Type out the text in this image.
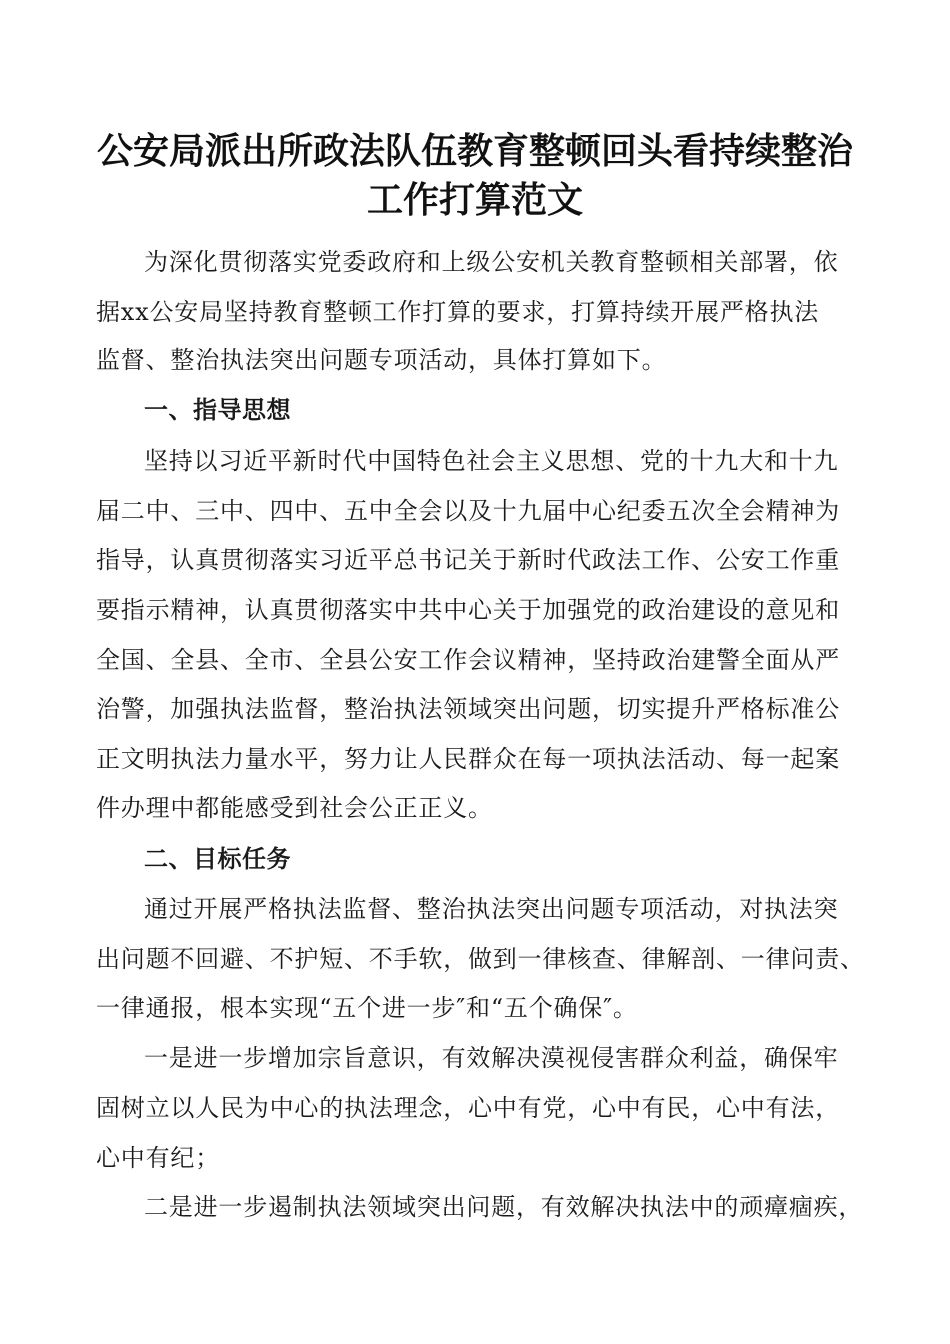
公安局派出所政法队伍教育整顿回头看持续整治
工作打算范文
为深化贯彻落实党委政府和上级公安机关教育整顿相关部署，依
据xx公安局坚持教育整顿工作打算的要求，打算持续开展严格执法
监督、整治执法突出问题专项活动，具体打算如下。
一、指导思想
坚持以习近平新时代中国特色社会主义思想、党的十九大和十九
届二中、三中、四中、五中全会以及十九届中心纪委五次全会精神为
指导，认真贯彻落实习近平总书记关于新时代政法工作、公安工作重
要指示精神，认真贯彻落实中共中心关于加强党的政治建设的意见和
全国、全县、全市、全县公安工作会议精神，坚持政治建警全面从严
治警，加强执法监督，整治执法领域突出问题，切实提升严格标准公
正文明执法力量水平，努力让人民群众在每一项执法活动、每一起案
件办理中都能感受到社会公正正义。
二、目标任务
通过开展严格执法监督、整治执法突出问题专项活动，对执法突
出问题不回避、不护短、不手软，做到一律核查、律解剖、一律问责、
一律通报，根本实现“五个进一步″和“五个确保″。
一是进一步增加宗旨意识，有效解决漠视侵害群众利益，确保牢
固树立以人民为中心的执法理念，心中有党，心中有民，心中有法，
心中有纪；
二是进一步遏制执法领域突出问题，有效解决执法中的顽瘴痼疾，
